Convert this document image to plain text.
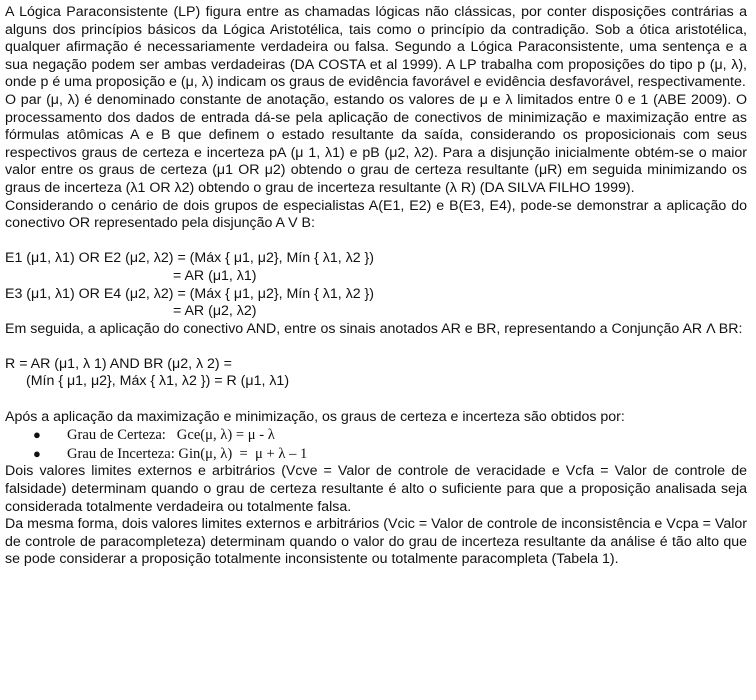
A Lógica Paraconsistente (LP) figura entre as chamadas lógicas não clássicas, por conter disposições contrárias a alguns dos princípios básicos da Lógica Aristotélica, tais como o princípio da contradição. Sob a ótica aristotélica, qualquer afirmação é necessariamente verdadeira ou falsa. Segundo a Lógica Paraconsistente, uma sentença e a sua negação podem ser ambas verdadeiras (DA COSTA et al 1999). A LP trabalha com proposições do tipo p (μ, λ), onde p é uma proposição e (μ, λ) indicam os graus de evidência favorável e evidência desfavorável, respectivamente.

O par (μ, λ) é denominado constante de anotação, estando os valores de μ e λ limitados entre 0 e 1 (ABE 2009). O processamento dos dados de entrada dá-se pela aplicação de conectivos de minimização e maximização entre as fórmulas atômicas A e B que definem o estado resultante da saída, considerando os proposicionais com seus respectivos graus de certeza e incerteza pA (μ 1, λ1) e pB (μ2, λ2). Para a disjunção inicialmente obtém-se o maior valor entre os graus de certeza (μ1 OR μ2) obtendo o grau de certeza resultante (μR) em seguida minimizando os graus de incerteza (λ1 OR λ2) obtendo o grau de incerteza resultante (λ R) (DA SILVA FILHO 1999).

Considerando o cenário de dois grupos de especialistas A(E1, E2) e B(E3, E4), pode-se demonstrar a aplicação do conectivo OR representado pela disjunção A V B:

E1 (μ1, λ1) OR E2 (μ2, λ2) = (Máx { μ1, μ2}, Mín { λ1, λ2 })

= AR (μ1, λ1)

E3 (μ1, λ1) OR E4 (μ2, λ2) = (Máx { μ1, μ2}, Mín { λ1, λ2 })

= AR (μ2, λ2)

Em seguida, a aplicação do conectivo AND, entre os sinais anotados AR e BR, representando a Conjunção AR Λ BR:

R = AR (μ1, λ 1) AND BR (μ2, λ 2) =

(Mín { μ1, μ2}, Máx { λ1, λ2 }) = R (μ1, λ1)

Após a aplicação da maximização e minimização, os graus de certeza e incerteza são obtidos por:

●	Grau de Certeza:   Gce(μ, λ) = μ - λ
●	Grau de Incerteza: Gin(μ, λ)  =  μ + λ – 1

Dois valores limites externos e arbitrários (Vcve = Valor de controle de veracidade e Vcfa = Valor de controle de falsidade) determinam quando o grau de certeza resultante é alto o suficiente para que a proposição analisada seja considerada totalmente verdadeira ou totalmente falsa.

Da mesma forma, dois valores limites externos e arbitrários (Vcic = Valor de controle de inconsistência e Vcpa = Valor de controle de paracompleteza) determinam quando o valor do grau de incerteza resultante da análise é tão alto que se pode considerar a proposição totalmente inconsistente ou totalmente paracompleta (Tabela 1).
